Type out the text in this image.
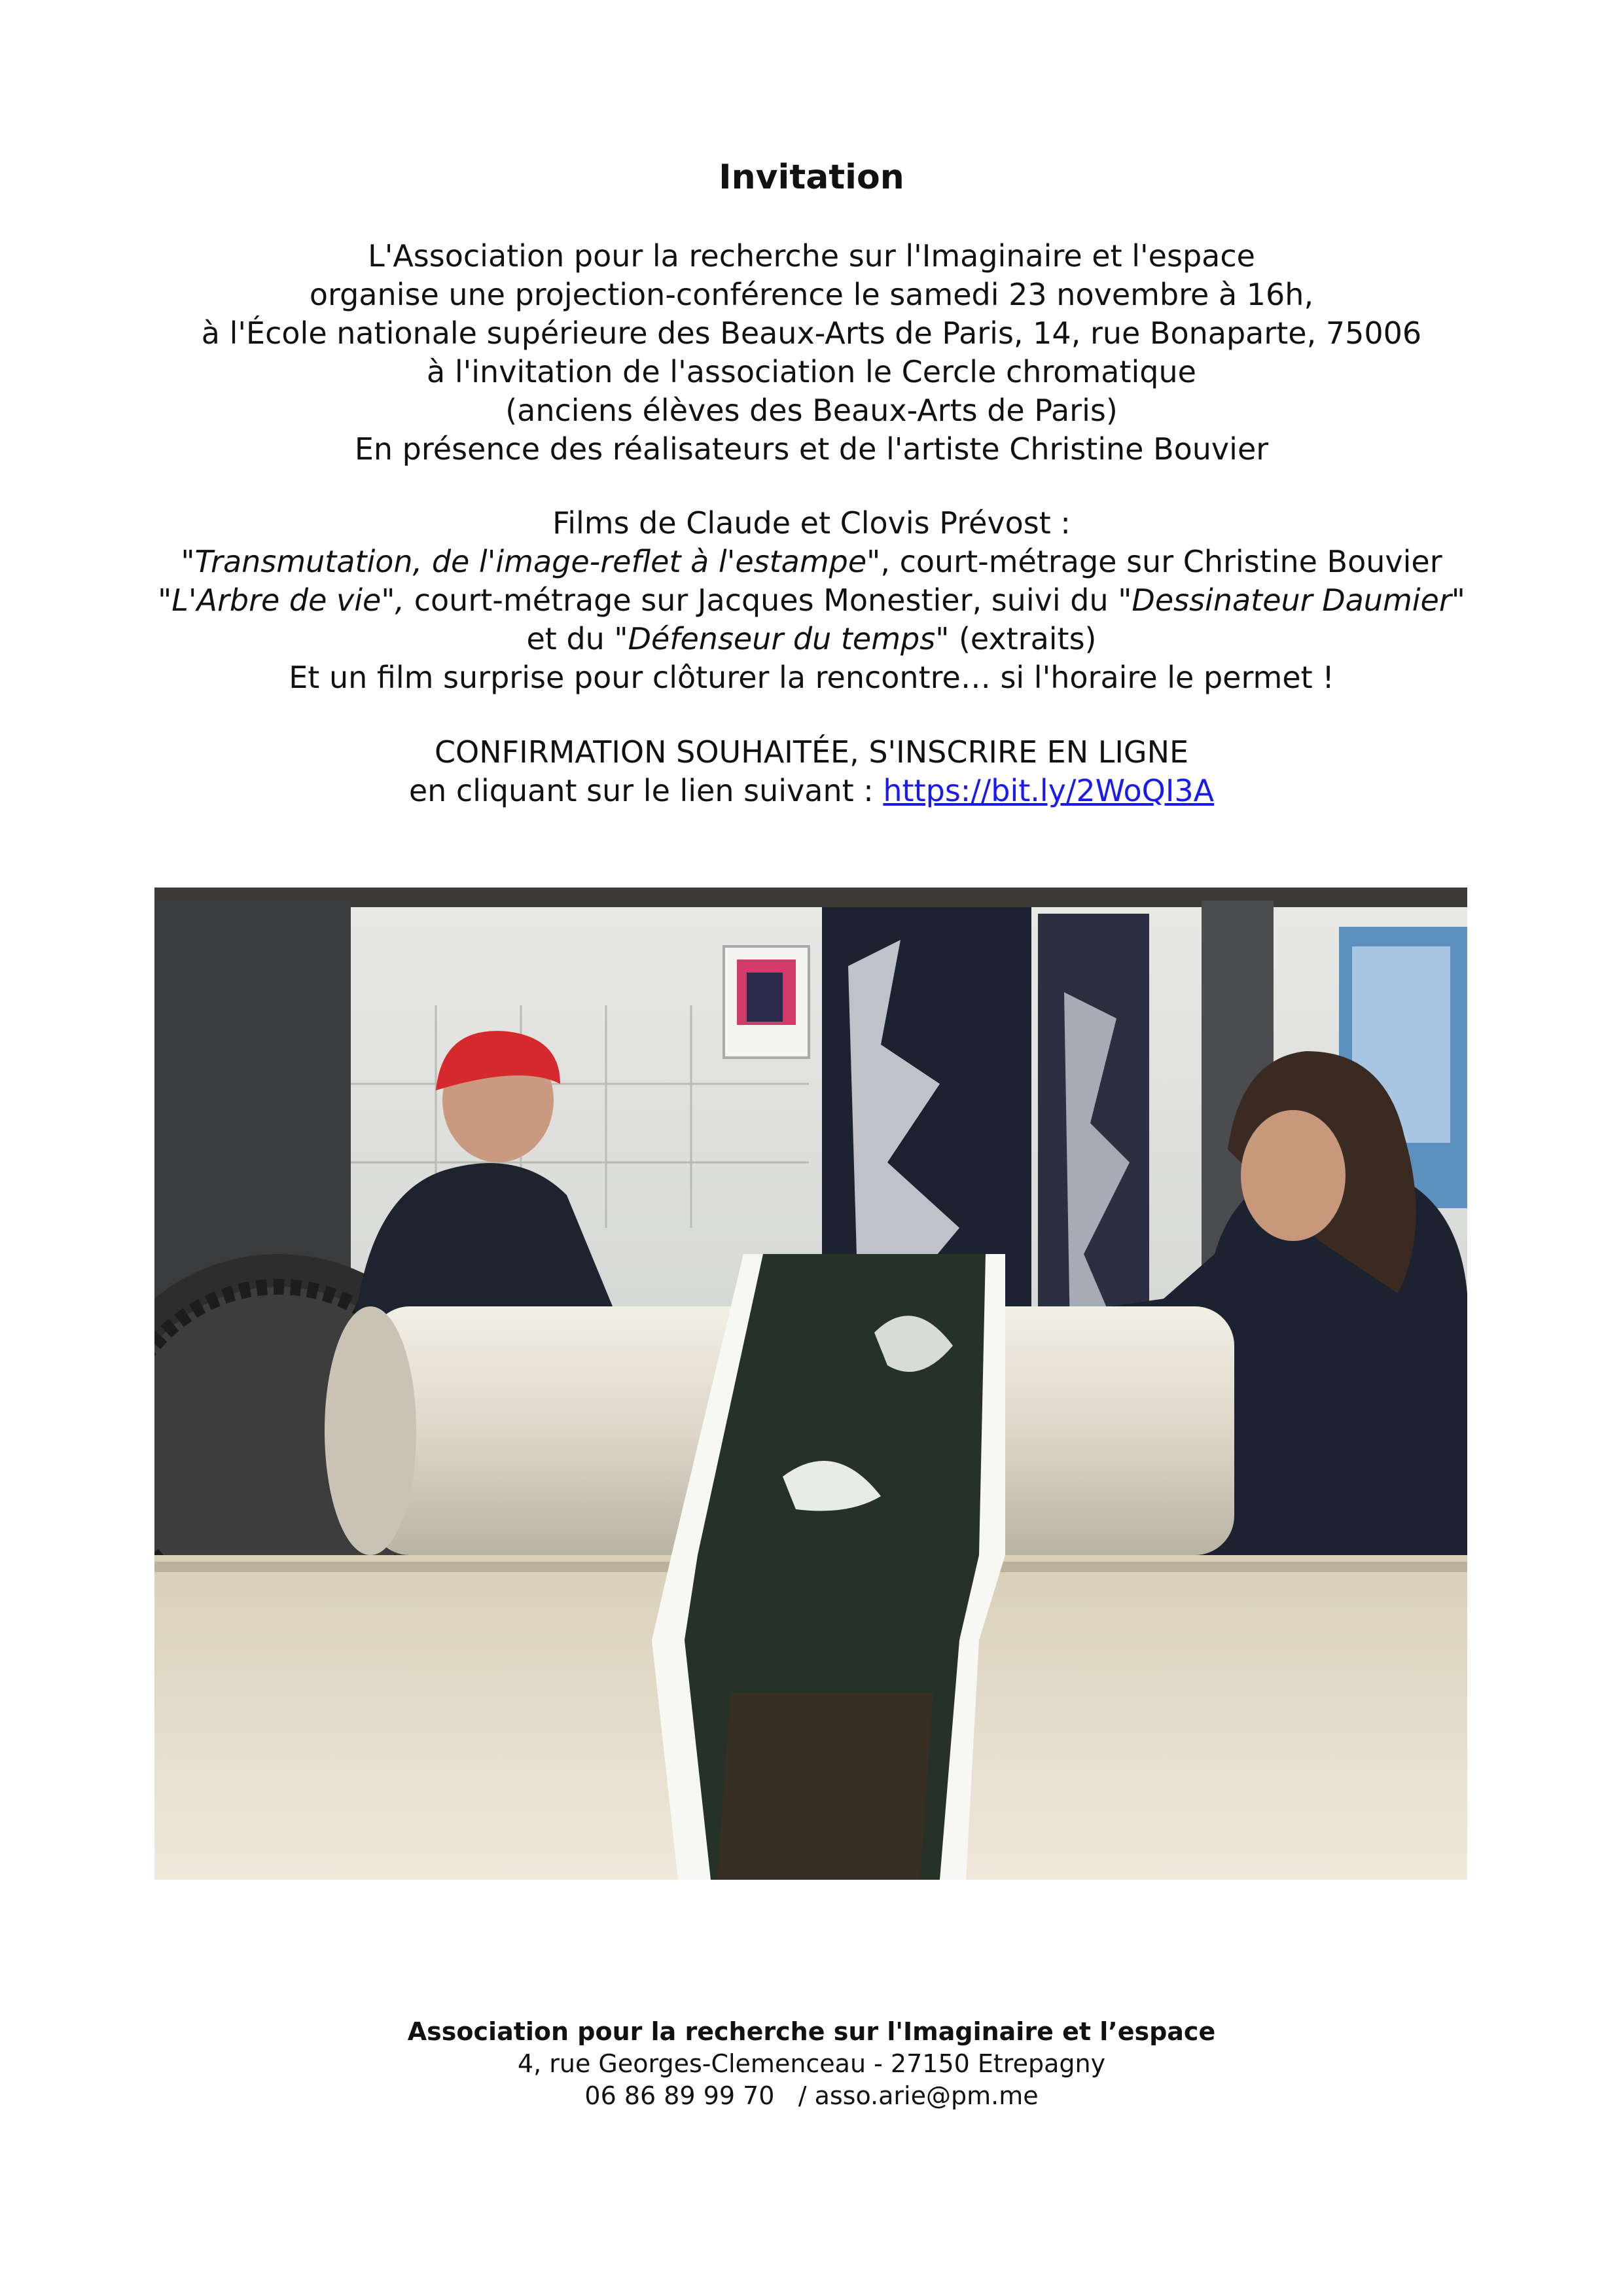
Invitation

L'Association pour la recherche sur l'Imaginaire et l'espace

organise une projection-conférence le samedi 23 novembre à 16h,

à l'École nationale supérieure des Beaux-Arts de Paris, 14, rue Bonaparte, 75006

à l'invitation de l'association le Cercle chromatique

(anciens élèves des Beaux-Arts de Paris)

En présence des réalisateurs et de l'artiste Christine Bouvier

Films de Claude et Clovis Prévost :

"Transmutation, de l'image-reflet à l'estampe", court-métrage sur Christine Bouvier

"L'Arbre de vie", court-métrage sur Jacques Monestier, suivi du "Dessinateur Daumier"

et du "Défenseur du temps" (extraits)

Et un film surprise pour clôturer la rencontre… si l'horaire le permet !

CONFIRMATION SOUHAITÉE, S'INSCRIRE EN LIGNE

en cliquant sur le lien suivant : https://bit.ly/2WoQI3A

Association pour la recherche sur l'Imaginaire et l’espace

4, rue Georges-Clemenceau - 27150 Etrepagny

06 86 89 99 70   / asso.arie@pm.me
